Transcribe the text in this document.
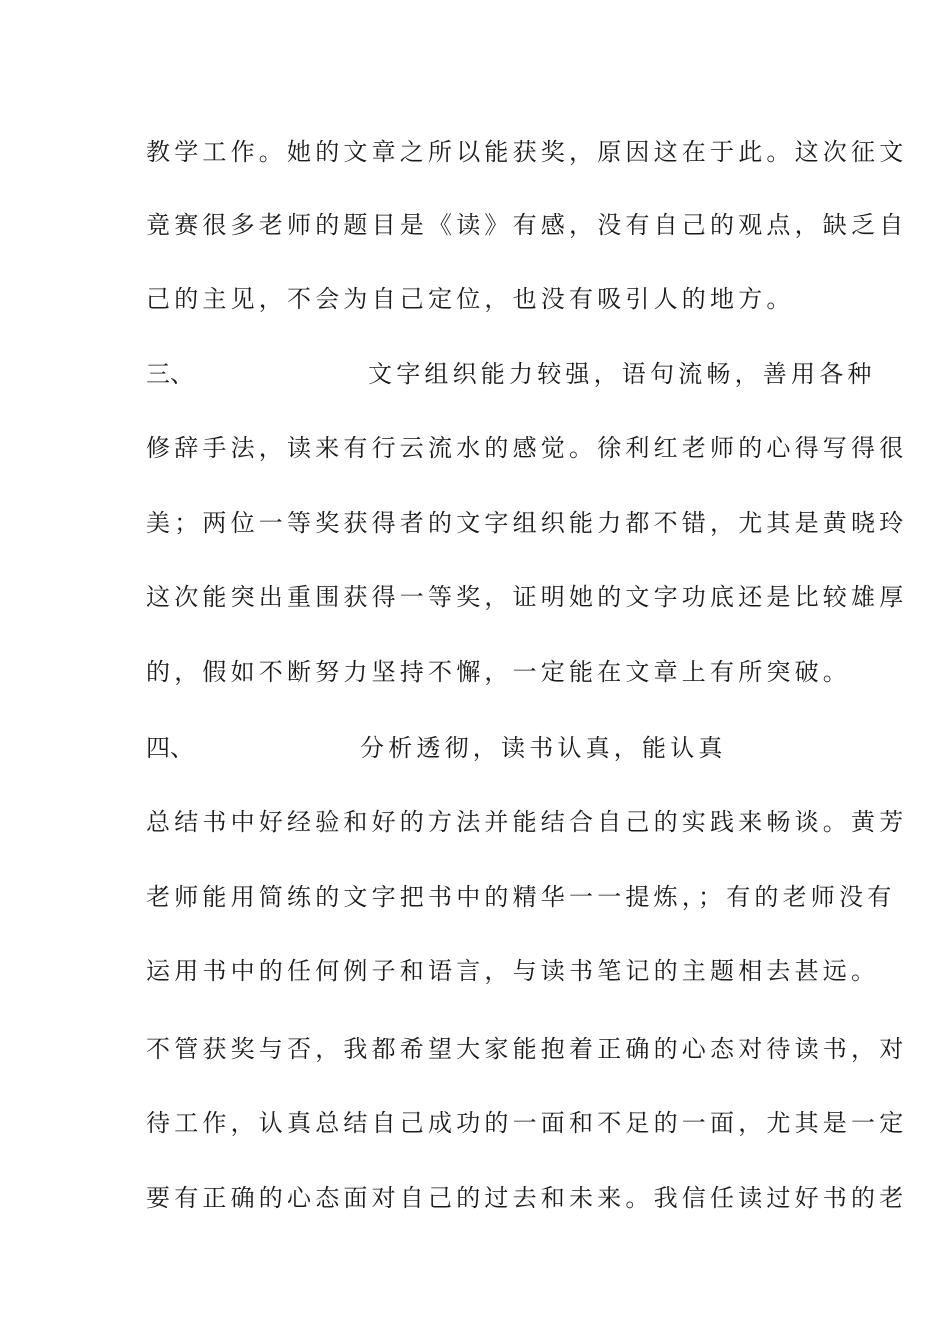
教学工作。她的文章之所以能获奖，原因这在于此。这次征文
竟赛很多老师的题目是《读》有感，没有自己的观点，缺乏自
己的主见，不会为自己定位，也没有吸引人的地方。
三、	文字组织能力较强，语句流畅，善用各种
修辞手法，读来有行云流水的感觉。徐利红老师的心得写得很
美；两位一等奖获得者的文字组织能力都不错，尤其是黄晓玲
这次能突出重围获得一等奖，证明她的文字功底还是比较雄厚
的，假如不断努力坚持不懈，一定能在文章上有所突破。
四、	分析透彻，读书认真，能认真
总结书中好经验和好的方法并能结合自己的实践来畅谈。黄芳
老师能用简练的文字把书中的精华一一提炼，；有的老师没有
运用书中的任何例子和语言，与读书笔记的主题相去甚远。
不管获奖与否，我都希望大家能抱着正确的心态对待读书，对
待工作，认真总结自己成功的一面和不足的一面，尤其是一定
要有正确的心态面对自己的过去和未来。我信任读过好书的老
